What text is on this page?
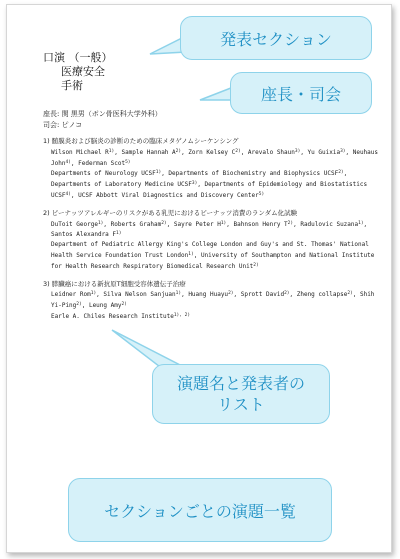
口演 （一般）
医療安全
手術
座長: 関 黒男（ボン骨医科大学外科）
司会: ピノコ
1) 髄膜炎および脳炎の診断のための臨床メタゲノムシーケンシング
Wilson Michael $R^{1)}$, Sample Hannah $A^{2)}$, Zorn Kelsey $C^{2)}$, Arevalo Shaun$^{3)}$, Yu Guixia$^{3)}$, Neuhaus John$^{4)}$, Federman Scot$^{5)}$
Departments of Neurology UCSF$^{1)}$, Departments of Biochemistry and Biophysics UCSF$^{2)}$, Departments of Laboratory Medicine UCSF$^{3)}$, Departments of Epidemiology and Biostatistics UCSF$^{4)}$, UCSF Abbott Viral Diagnostics and Discovery Center$^{5)}$
2) ピーナッツアレルギーのリスクがある乳児におけるピーナッツ消費のランダム化試験
DuToit George$^{1)}$, Roberts Graham$^{2)}$, Sayre Peter $H^{1)}$, Bahnson Henry $T^{2)}$, Radulovic Suzana$^{1)}$, Santos Alexandra $F^{1)}$
Department of Pediatric Allergy King's College London and Guy's and St. Thomas' National Health Service Foundation Trust London$^{1)}$, University of Southampton and National Institute for Health Research Respiratory Biomedical Research Unit$^{2)}$
3) 膵臓癌における新抗原T細胞受容体遺伝子治療
Leidner Rom$^{1)}$, Silva Nelson Sanjuan$^{1)}$, Huang Huayu$^{2)}$, Sprott David$^{2)}$, Zheng collapse$^{2)}$, Shih Yi-Ping$^{2)}$, Leung Amy$^{2)}$
Earle A. Chiles Research Institute$^{1), 2)}$
発表セクション
座長・司会
演題名と発表者の
リスト
セクションごとの演題一覧
